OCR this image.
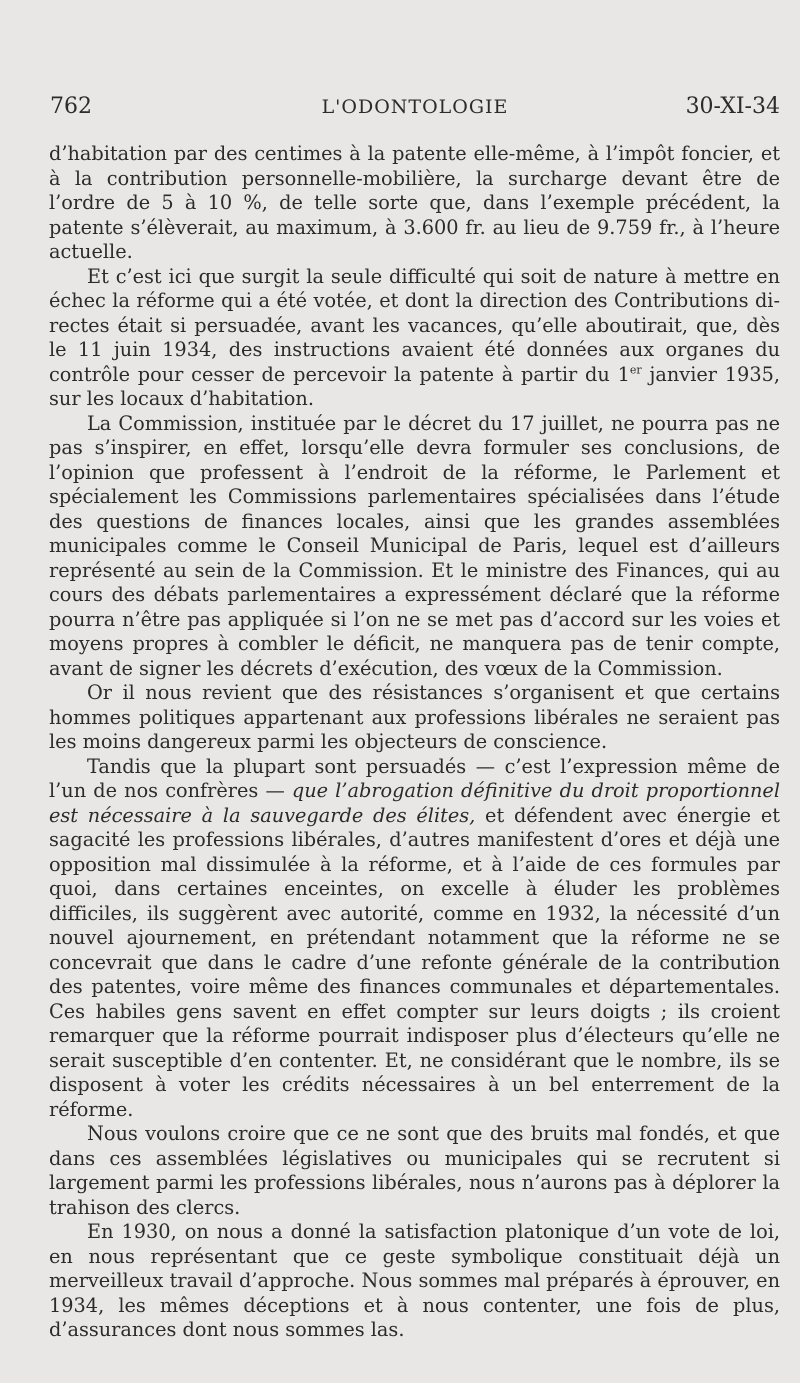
762	L'ODONTOLOGIE	30-XI-34

d’habitation par des centimes à la patente elle-même, à l’impôt foncier, et à la contribution personnelle-mobilière, la surcharge devant être de l’ordre de 5 à 10 %, de telle sorte que, dans l’exemple précédent, la patente s’élèverait, au maximum, à 3.600 fr. au lieu de 9.759 fr., à l’heure actuelle.

Et c’est ici que surgit la seule difficulté qui soit de nature à mettre en échec la réforme qui a été votée, et dont la direction des Contributions directes était si persuadée, avant les vacances, qu’elle aboutirait, que, dès le 11 juin 1934, des instructions avaient été données aux organes du contrôle pour cesser de percevoir la patente à partir du 1er janvier 1935, sur les locaux d’habitation.

La Commission, instituée par le décret du 17 juillet, ne pourra pas ne pas s’inspirer, en effet, lorsqu’elle devra formuler ses conclusions, de l’opinion que professent à l’endroit de la réforme, le Parlement et spécialement les Commissions parlementaires spécialisées dans l’étude des questions de finances locales, ainsi que les grandes assemblées municipales comme le Conseil Municipal de Paris, lequel est d’ailleurs représenté au sein de la Commission. Et le ministre des Finances, qui au cours des débats parlementaires a expressément déclaré que la réforme pourra n’être pas appliquée si l’on ne se met pas d’accord sur les voies et moyens propres à combler le déficit, ne manquera pas de tenir compte, avant de signer les décrets d’exécution, des vœux de la Commission.

Or il nous revient que des résistances s’organisent et que certains hommes politiques appartenant aux professions libérales ne seraient pas les moins dangereux parmi les objecteurs de conscience.

Tandis que la plupart sont persuadés — c’est l’expression même de l’un de nos confrères — que l’abrogation définitive du droit proportionnel est nécessaire à la sauvegarde des élites, et défendent avec énergie et sagacité les professions libérales, d’autres manifestent d’ores et déjà une opposition mal dissimulée à la réforme, et à l’aide de ces formules par quoi, dans certaines enceintes, on excelle à éluder les problèmes difficiles, ils suggèrent avec autorité, comme en 1932, la nécessité d’un nouvel ajournement, en prétendant notamment que la réforme ne se concevrait que dans le cadre d’une refonte générale de la contribution des patentes, voire même des finances communales et départementales. Ces habiles gens savent en effet compter sur leurs doigts ; ils croient remarquer que la réforme pourrait indisposer plus d’électeurs qu’elle ne serait susceptible d’en contenter. Et, ne considérant que le nombre, ils se disposent à voter les crédits nécessaires à un bel enterrement de la réforme.

Nous voulons croire que ce ne sont que des bruits mal fondés, et que dans ces assemblées législatives ou municipales qui se recrutent si largement parmi les professions libérales, nous n’aurons pas à déplorer la trahison des clercs.

En 1930, on nous a donné la satisfaction platonique d’un vote de loi, en nous représentant que ce geste symbolique constituait déjà un merveilleux travail d’approche. Nous sommes mal préparés à éprouver, en 1934, les mêmes déceptions et à nous contenter, une fois de plus, d’assurances dont nous sommes las.
